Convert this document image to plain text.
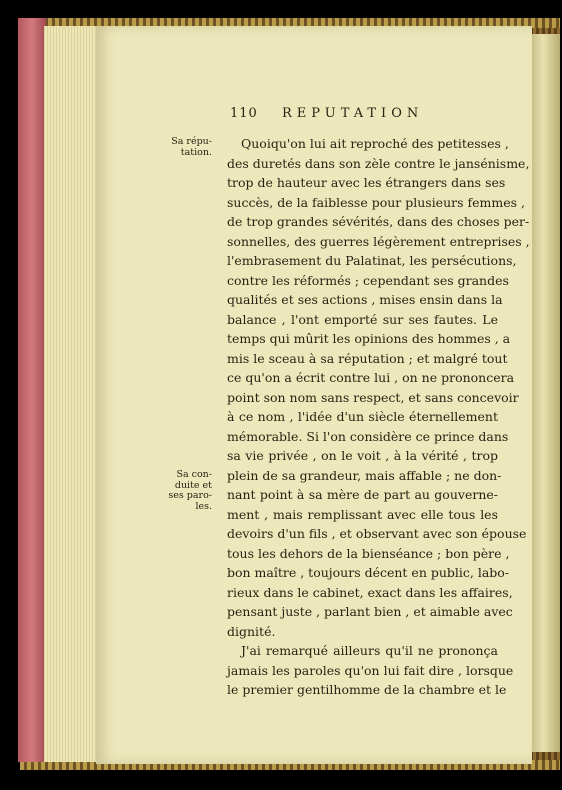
110 REPUTATION
Sa répu-
tation.
Sa con-
duite et
ses paro-
les.
Quoiqu'on lui ait reproché des petitesses ,
des duretés dans son zèle contre le jansénisme,
trop de hauteur avec les étrangers dans ses
succès, de la faiblesse pour plusieurs femmes ,
de trop grandes sévérités, dans des choses per-
sonnelles, des guerres légèrement entreprises ,
l'embrasement du Palatinat, les persécutions,
contre les réformés ; cependant ses grandes
qualités et ses actions , mises ensin dans la
balance , l'ont emporté sur ses fautes. Le
temps qui mûrit les opinions des hommes , a
mis le sceau à sa réputation ; et malgré tout
ce qu'on a écrit contre lui , on ne prononcera
point son nom sans respect, et sans concevoir
à ce nom , l'idée d'un siècle éternellement
mémorable. Si l'on considère ce prince dans
sa vie privée , on le voit , à la vérité , trop
plein de sa grandeur, mais affable ; ne don-
nant point à sa mère de part au gouverne-
ment , mais remplissant avec elle tous les
devoirs d'un fils , et observant avec son épouse
tous les dehors de la bienséance ; bon père ,
bon maître , toujours décent en public, labo-
rieux dans le cabinet, exact dans les affaires,
pensant juste , parlant bien , et aimable avec
dignité.
J'ai remarqué ailleurs qu'il ne prononça
jamais les paroles qu'on lui fait dire , lorsque
le premier gentilhomme de la chambre et le
